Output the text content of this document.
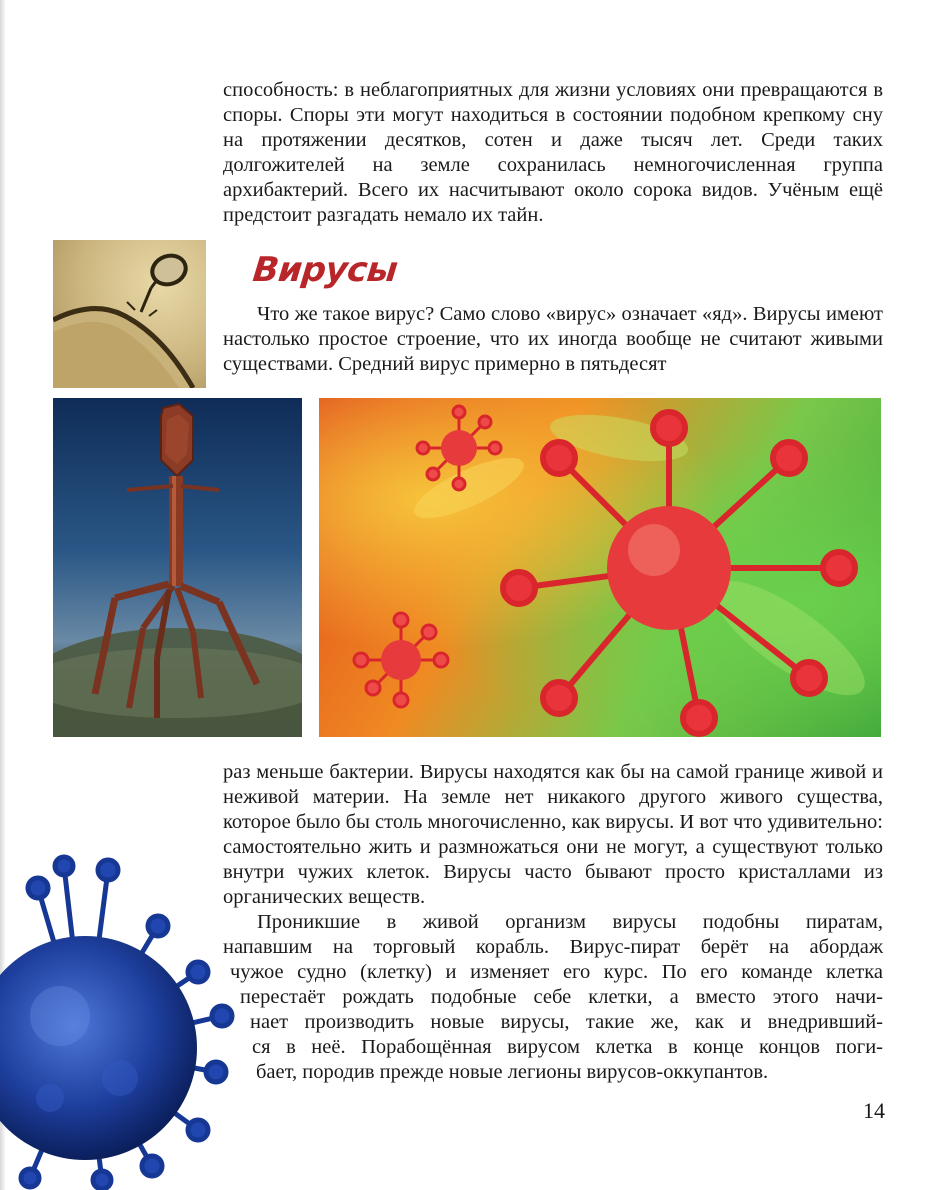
способность: в неблагоприятных для жизни условиях они превращаются в споры. Споры эти могут находиться в состоянии подобном крепкому сну на протяжении десятков, сотен и даже тысяч лет. Среди таких долгожителей на земле сохранилась немногочисленная группа архибактерий. Всего их насчитывают около сорока видов. Учёным ещё предстоит разгадать немало их тайн.

Вирусы

Что же такое вирус? Само слово «вирус» означает «яд». Вирусы имеют настолько простое строение, что их иногда вообще не считают живыми существами. Средний вирус примерно в пятьдесят

раз меньше бактерии. Вирусы находятся как бы на самой границе живой и неживой материи. На земле нет никакого другого живого существа, которое было бы столь многочисленно, как вирусы. И вот что удивительно: самостоятельно жить и размножаться они не могут, а существуют только внутри чужих клеток. Вирусы часто бывают просто кристаллами из органических веществ.

Проникшие в живой организм вирусы подобны пиратам,
напавшим на торговый корабль. Вирус-пират берёт на абордаж
чужое судно (клетку) и изменяет его курс. По его команде клетка
перестаёт рождать подобные себе клетки, а вместо этого начи-
нает производить новые вирусы, такие же, как и внедривший-
ся в неё. Порабощённая вирусом клетка в конце концов поги-
бает, породив прежде новые легионы вирусов-оккупантов.
14
